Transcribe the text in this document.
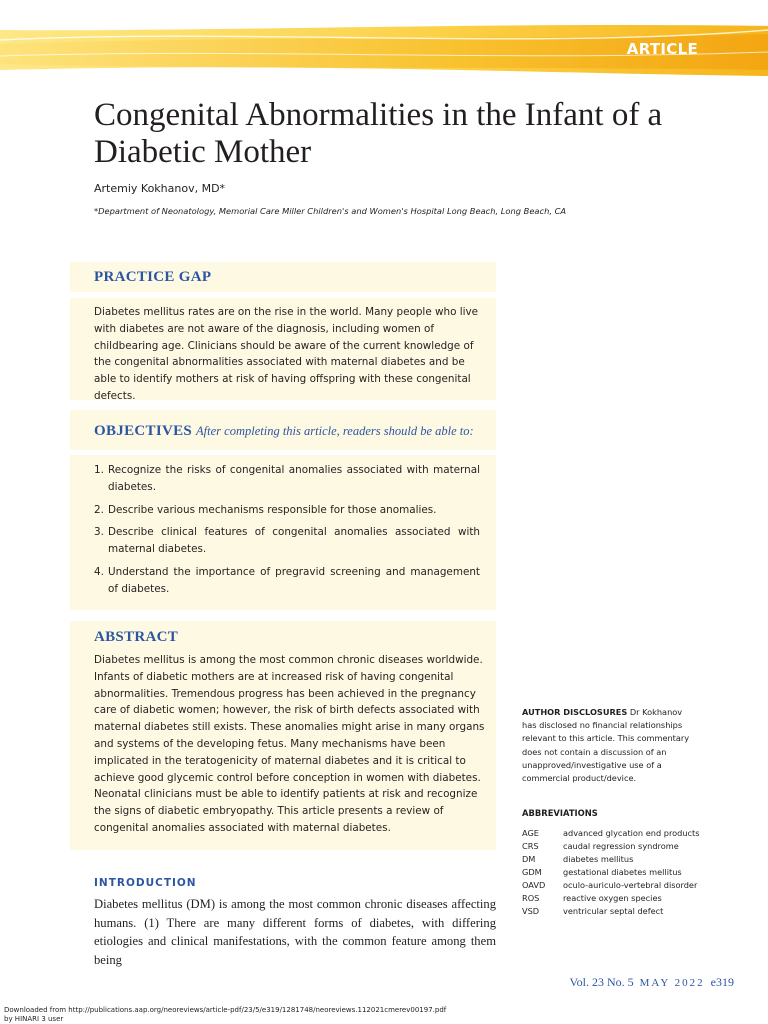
ARTICLE
Congenital Abnormalities in the Infant of a Diabetic Mother
Artemiy Kokhanov, MD*
*Department of Neonatology, Memorial Care Miller Children's and Women's Hospital Long Beach, Long Beach, CA
PRACTICE GAP
Diabetes mellitus rates are on the rise in the world. Many people who live with diabetes are not aware of the diagnosis, including women of childbearing age. Clinicians should be aware of the current knowledge of the congenital abnormalities associated with maternal diabetes and be able to identify mothers at risk of having offspring with these congenital defects.
OBJECTIVES After completing this article, readers should be able to:
1. Recognize the risks of congenital anomalies associated with maternal diabetes.
2. Describe various mechanisms responsible for those anomalies.
3. Describe clinical features of congenital anomalies associated with maternal diabetes.
4. Understand the importance of pregravid screening and management of diabetes.
ABSTRACT
Diabetes mellitus is among the most common chronic diseases worldwide. Infants of diabetic mothers are at increased risk of having congenital abnormalities. Tremendous progress has been achieved in the pregnancy care of diabetic women; however, the risk of birth defects associated with maternal diabetes still exists. These anomalies might arise in many organs and systems of the developing fetus. Many mechanisms have been implicated in the teratogenicity of maternal diabetes and it is critical to achieve good glycemic control before conception in women with diabetes. Neonatal clinicians must be able to identify patients at risk and recognize the signs of diabetic embryopathy. This article presents a review of congenital anomalies associated with maternal diabetes.
INTRODUCTION

Diabetes mellitus (DM) is among the most common chronic diseases affecting humans. (1) There are many different forms of diabetes, with differing etiologies and clinical manifestations, with the common feature among them being

AUTHOR DISCLOSURES Dr Kokhanov has disclosed no financial relationships relevant to this article. This commentary does not contain a discussion of an unapproved/investigative use of a commercial product/device.
ABBREVIATIONS
AGE	advanced glycation end products
CRS	caudal regression syndrome
DM	diabetes mellitus
GDM	gestational diabetes mellitus
OAVD	oculo-auriculo-vertebral disorder
ROS	reactive oxygen species
VSD	ventricular septal defect
Vol. 23 No. 5 MAY 2022 e319
Downloaded from http://publications.aap.org/neoreviews/article-pdf/23/5/e319/1281748/neoreviews.112021cmerev00197.pdf
by HINARI 3 user
